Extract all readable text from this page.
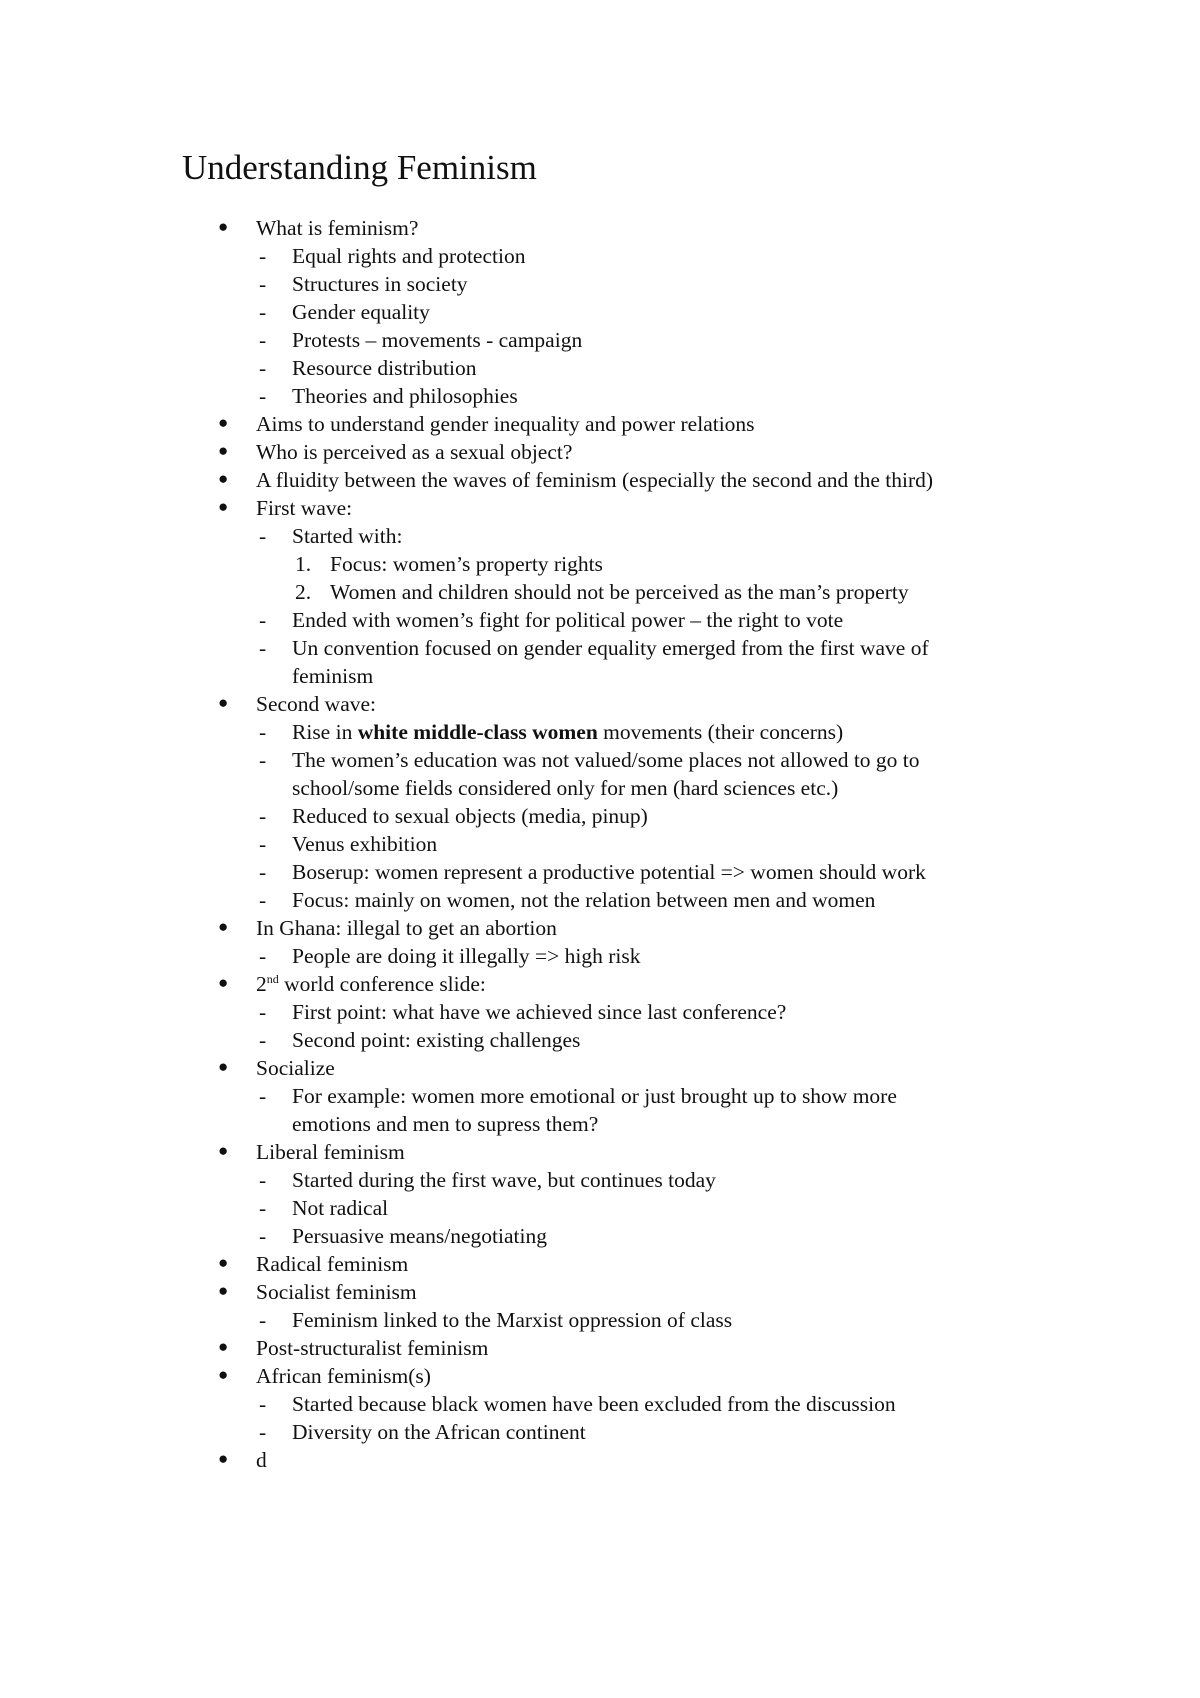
Understanding Feminism
● What is feminism?
- Equal rights and protection
- Structures in society
- Gender equality
- Protests – movements - campaign
- Resource distribution
- Theories and philosophies
● Aims to understand gender inequality and power relations
● Who is perceived as a sexual object?
● A fluidity between the waves of feminism (especially the second and the third)
● First wave:
- Started with:
1. Focus: women’s property rights
2. Women and children should not be perceived as the man’s property
- Ended with women’s fight for political power – the right to vote
- Un convention focused on gender equality emerged from the first wave of
feminism
● Second wave:
- Rise in white middle-class women movements (their concerns)
- The women’s education was not valued/some places not allowed to go to
school/some fields considered only for men (hard sciences etc.)
- Reduced to sexual objects (media, pinup)
- Venus exhibition
- Boserup: women represent a productive potential => women should work
- Focus: mainly on women, not the relation between men and women
● In Ghana: illegal to get an abortion
- People are doing it illegally => high risk
● 2nd world conference slide:
- First point: what have we achieved since last conference?
- Second point: existing challenges
● Socialize
- For example: women more emotional or just brought up to show more
emotions and men to supress them?
● Liberal feminism
- Started during the first wave, but continues today
- Not radical
- Persuasive means/negotiating
● Radical feminism
● Socialist feminism
- Feminism linked to the Marxist oppression of class
● Post-structuralist feminism
● African feminism(s)
- Started because black women have been excluded from the discussion
- Diversity on the African continent
● d
